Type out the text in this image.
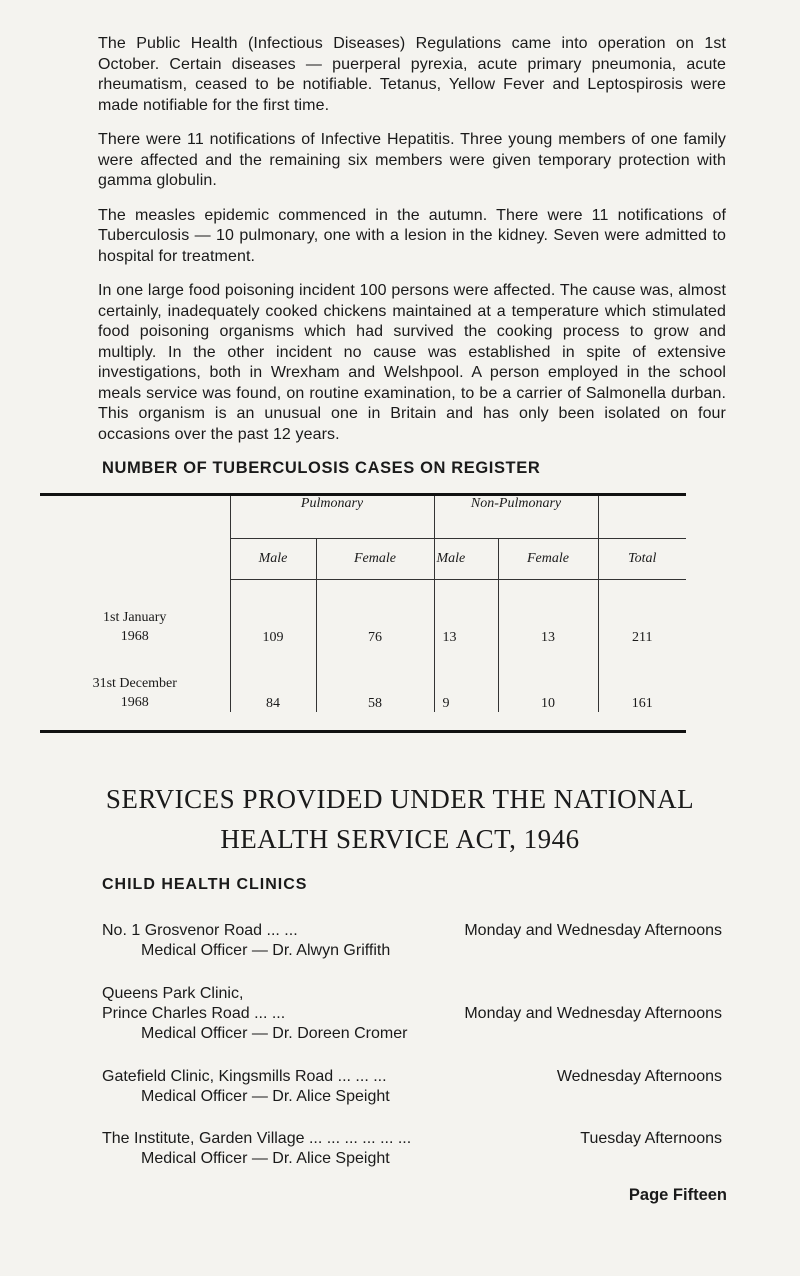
The Public Health (Infectious Diseases) Regulations came into operation on 1st October. Certain diseases — puerperal pyrexia, acute primary pneumonia, acute rheumatism, ceased to be notifiable. Tetanus, Yellow Fever and Leptospirosis were made notifiable for the first time.

There were 11 notifications of Infective Hepatitis. Three young members of one family were affected and the remaining six members were given temporary protection with gamma globulin.

The measles epidemic commenced in the autumn. There were 11 notifications of Tuberculosis — 10 pulmonary, one with a lesion in the kidney. Seven were admitted to hospital for treatment.

In one large food poisoning incident 100 persons were affected. The cause was, almost certainly, inadequately cooked chickens maintained at a temperature which stimulated food poisoning organisms which had survived the cooking process to grow and multiply. In the other incident no cause was established in spite of extensive investigations, both in Wrexham and Welshpool. A person employed in the school meals service was found, on routine examination, to be a carrier of Salmonella durban. This organism is an unusual one in Britain and has only been isolated on four occasions over the past 12 years.

NUMBER OF TUBERCULOSIS CASES ON REGISTER
	Pulmonary		Non-Pulmonary		
	Male	Female	Male	Female	Total

1st January
1968	109	76	13	13	211

31st December
1968	84	58	9	10	161
SERVICES PROVIDED UNDER THE NATIONAL
HEALTH SERVICE ACT, 1946
CHILD HEALTH CLINICS
No. 1 Grosvenor Road ... ...	Monday and Wednesday Afternoons
Medical Officer — Dr. Alwyn Griffith
Queens Park Clinic,
Prince Charles Road ... ...	Monday and Wednesday Afternoons
Medical Officer — Dr. Doreen Cromer
Gatefield Clinic, Kingsmills Road ... ... ...	Wednesday Afternoons
Medical Officer — Dr. Alice Speight
The Institute, Garden Village ... ... ... ... ... ...	Tuesday Afternoons
Medical Officer — Dr. Alice Speight
Page Fifteen
